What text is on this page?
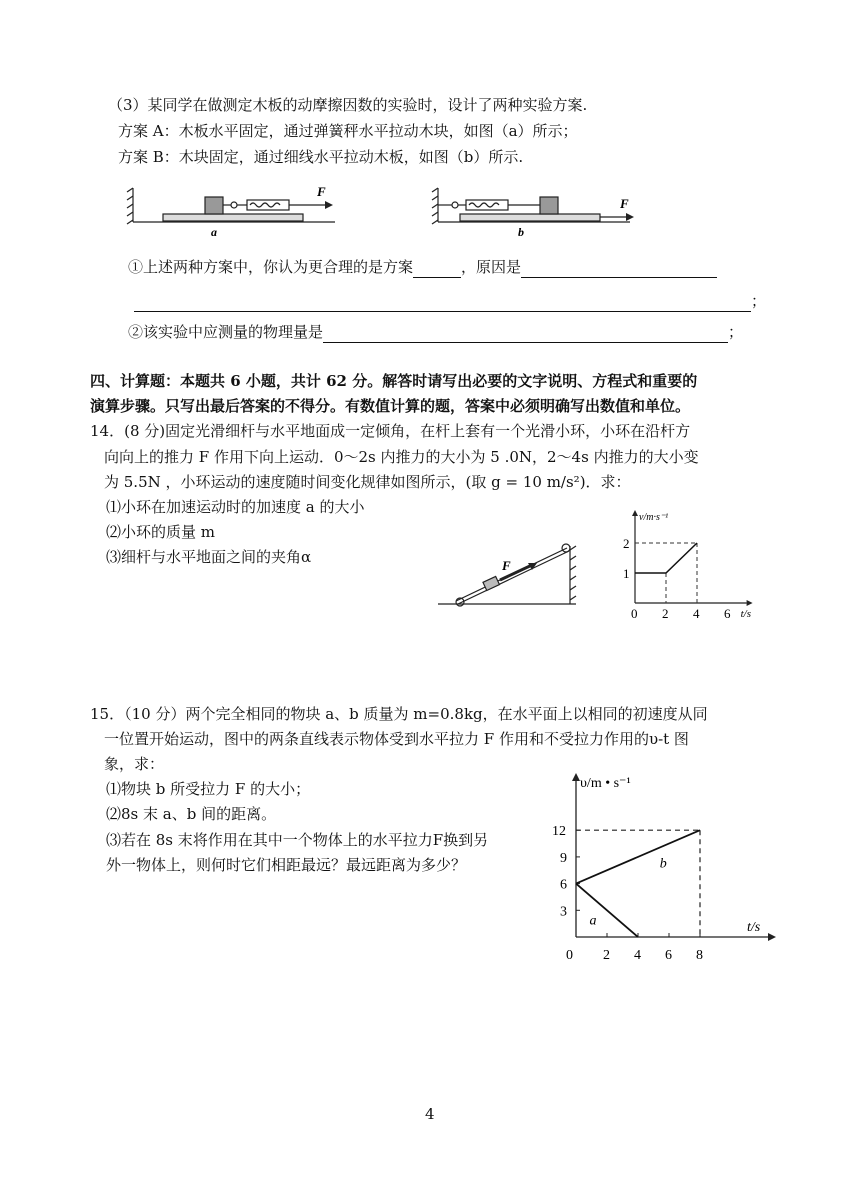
（3）某同学在做测定木板的动摩擦因数的实验时，设计了两种实验方案.
方案 A：木板水平固定，通过弹簧秤水平拉动木块，如图（a）所示；
方案 B：木块固定，通过细线水平拉动木板，如图（b）所示.
F
a
F
b
①上述两种方案中，你认为更合理的是方案	，原因是
；
②该实验中应测量的物理量是	；
四、计算题：本题共 6 小题，共计 62 分。解答时请写出必要的文字说明、方程式和重要的
演算步骤。只写出最后答案的不得分。有数值计算的题，答案中必须明确写出数值和单位。
14．(8 分)固定光滑细杆与水平地面成一定倾角，在杆上套有一个光滑小环，小环在沿杆方
向向上的推力 F 作用下向上运动．0～2s 内推力的大小为 5 .0N，2～4s 内推力的大小变
为 5.5N ，小环运动的速度随时间变化规律如图所示，(取 g = 10 m/s²)．求：
⑴小环在加速运动时的加速度 a 的大小
⑵小环的质量 m
⑶细杆与水平地面之间的夹角α	F
v/m·s⁻¹
t/s
1
2
0 2 4 6
15．（10 分）两个完全相同的物块 a、b 质量为 m=0.8kg，在水平面上以相同的初速度从同
一位置开始运动，图中的两条直线表示物体受到水平拉力 F 作用和不受拉力作用的υ-t 图
象，求：
⑴物块 b 所受拉力 F 的大小；
⑵8s 末 a、b 间的距离。
⑶若在 8s 末将作用在其中一个物体上的水平拉力F换到另
外一物体上，则何时它们相距最远？最远距离为多少？
υ/m • s⁻¹
t/s
3
6
9
12
0 2 4 6 8
a
b
4
